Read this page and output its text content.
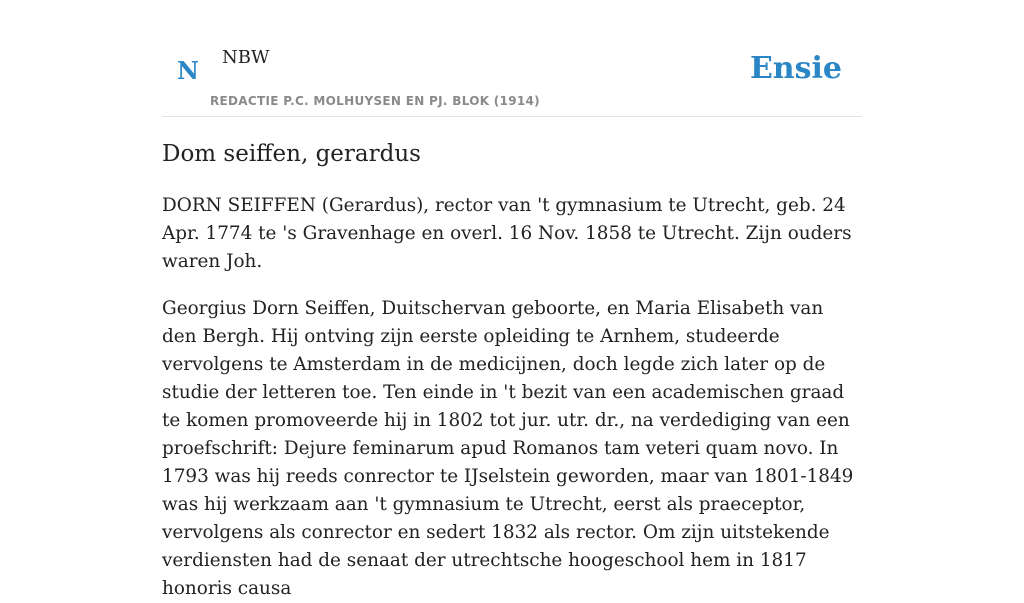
N NBW
REDACTIE P.C. MOLHUYSEN EN PJ. BLOK (1914)
Ensie
Dom seiffen, gerardus

DORN SEIFFEN (Gerardus), rector van 't gymnasium te Utrecht, geb. 24 Apr. 1774 te 's Gravenhage en overl. 16 Nov. 1858 te Utrecht. Zijn ouders waren Joh.

Georgius Dorn Seiffen, Duitschervan geboorte, en Maria Elisabeth van den Bergh. Hij ontving zijn eerste opleiding te Arnhem, studeerde vervolgens te Amsterdam in de medicijnen, doch legde zich later op de studie der letteren toe. Ten einde in 't bezit van een academischen graad te komen promoveerde hij in 1802 tot jur. utr. dr., na verdediging van een proefschrift: Dejure feminarum apud Romanos tam veteri quam novo. In 1793 was hij reeds conrector te IJselstein geworden, maar van 1801-1849 was hij werkzaam aan 't gymnasium te Utrecht, eerst als praeceptor, vervolgens als conrector en sedert 1832 als rector. Om zijn uitstekende verdiensten had de senaat der utrechtsche hoogeschool hem in 1817 honoris causa
